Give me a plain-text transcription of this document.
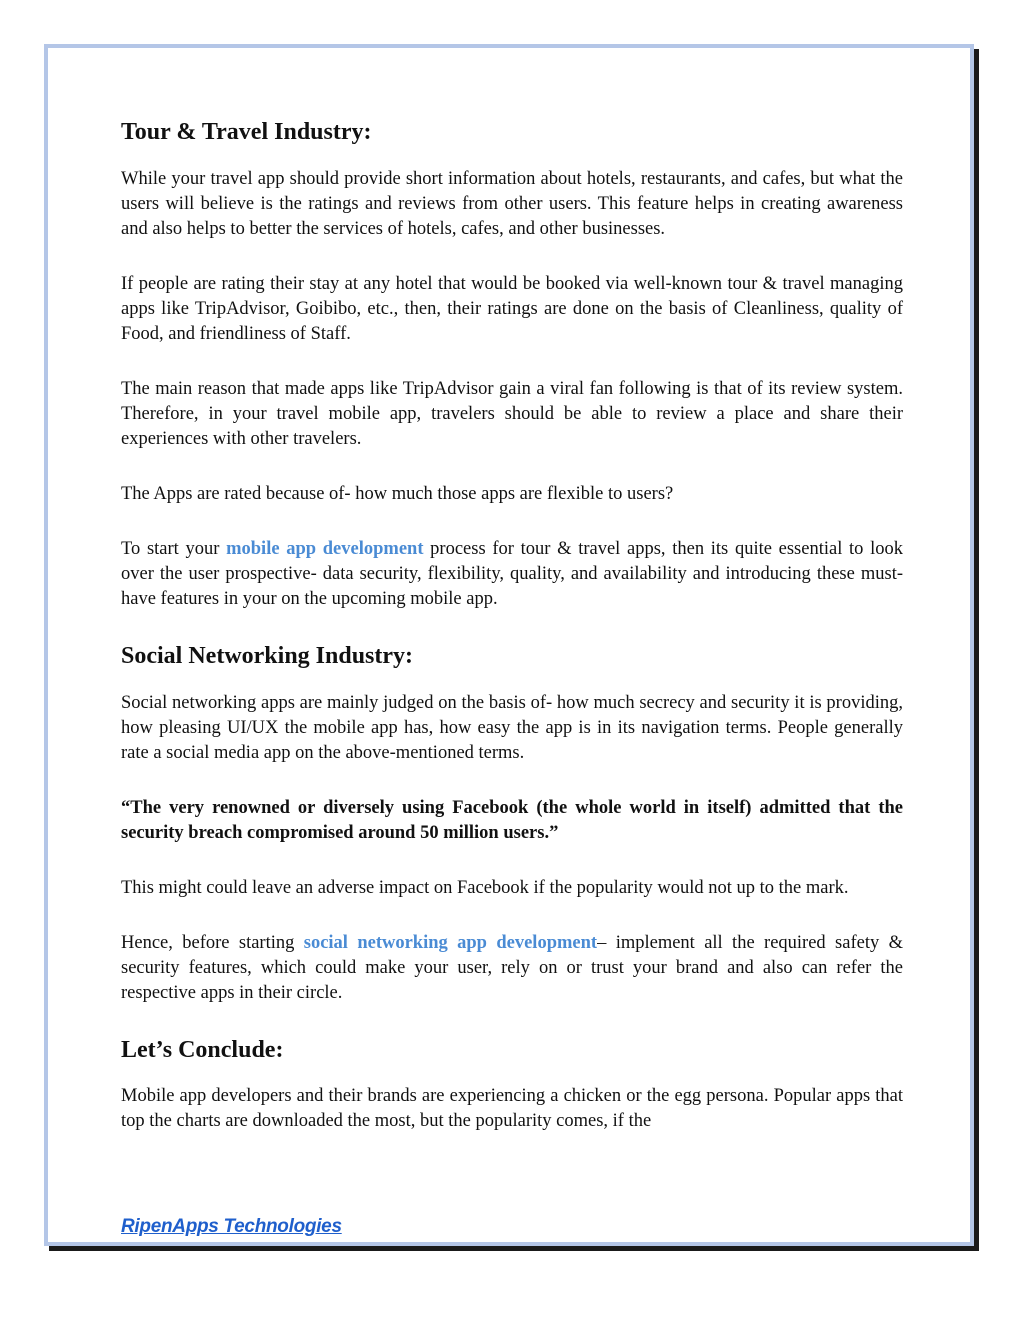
Tour & Travel Industry:

While your travel app should provide short information about hotels, restaurants, and cafes, but what the users will believe is the ratings and reviews from other users. This feature helps in creating awareness and also helps to better the services of hotels, cafes, and other businesses.

If people are rating their stay at any hotel that would be booked via well-known tour & travel managing apps like TripAdvisor, Goibibo, etc., then, their ratings are done on the basis of Cleanliness, quality of Food, and friendliness of Staff.

The main reason that made apps like TripAdvisor gain a viral fan following is that of its review system. Therefore, in your travel mobile app, travelers should be able to review a place and share their experiences with other travelers.

The Apps are rated because of- how much those apps are flexible to users?

To start your mobile app development process for tour & travel apps, then its quite essential to look over the user prospective- data security, flexibility, quality, and availability and introducing these must-have features in your on the upcoming mobile app.

Social Networking Industry:

Social networking apps are mainly judged on the basis of- how much secrecy and security it is providing, how pleasing UI/UX the mobile app has, how easy the app is in its navigation terms. People generally rate a social media app on the above-mentioned terms.

“The very renowned or diversely using Facebook (the whole world in itself) admitted that the security breach compromised around 50 million users.”

This might could leave an adverse impact on Facebook if the popularity would not up to the mark.

Hence, before starting social networking app development– implement all the required safety & security features, which could make your user, rely on or trust your brand and also can refer the respective apps in their circle.

Let’s Conclude:

Mobile app developers and their brands are experiencing a chicken or the egg persona. Popular apps that top the charts are downloaded the most, but the popularity comes, if the

RipenApps Technologies
